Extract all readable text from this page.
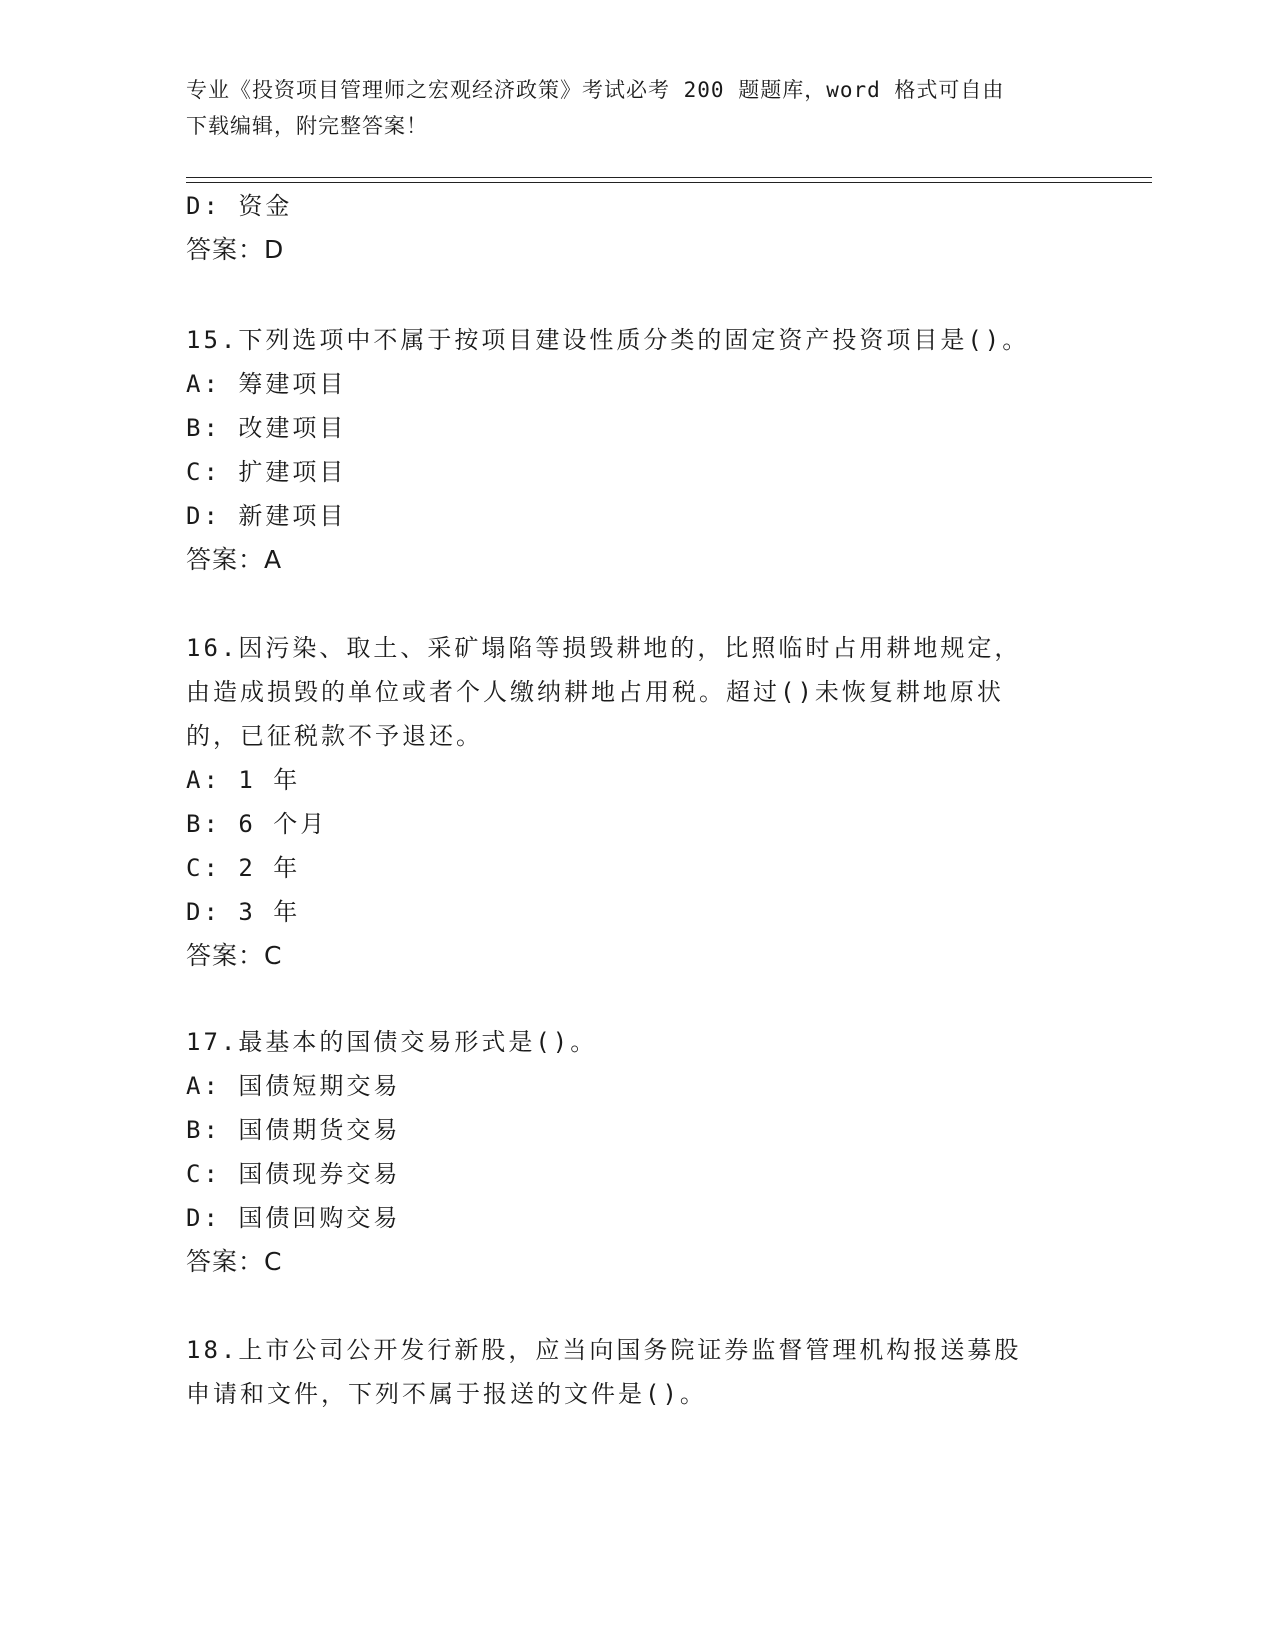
专业《投资项目管理师之宏观经济政策》考试必考 200 题题库，word 格式可自由
下载编辑，附完整答案！
D: 资金
答案：D
15.下列选项中不属于按项目建设性质分类的固定资产投资项目是()。
A: 筹建项目
B: 改建项目
C: 扩建项目
D: 新建项目
答案：A
16.因污染、取土、采矿塌陷等损毁耕地的，比照临时占用耕地规定，
由造成损毁的单位或者个人缴纳耕地占用税。超过()未恢复耕地原状
的，已征税款不予退还。
A: 1 年
B: 6 个月
C: 2 年
D: 3 年
答案：C
17.最基本的国债交易形式是()。
A: 国债短期交易
B: 国债期货交易
C: 国债现券交易
D: 国债回购交易
答案：C
18.上市公司公开发行新股，应当向国务院证券监督管理机构报送募股
申请和文件，下列不属于报送的文件是()。
